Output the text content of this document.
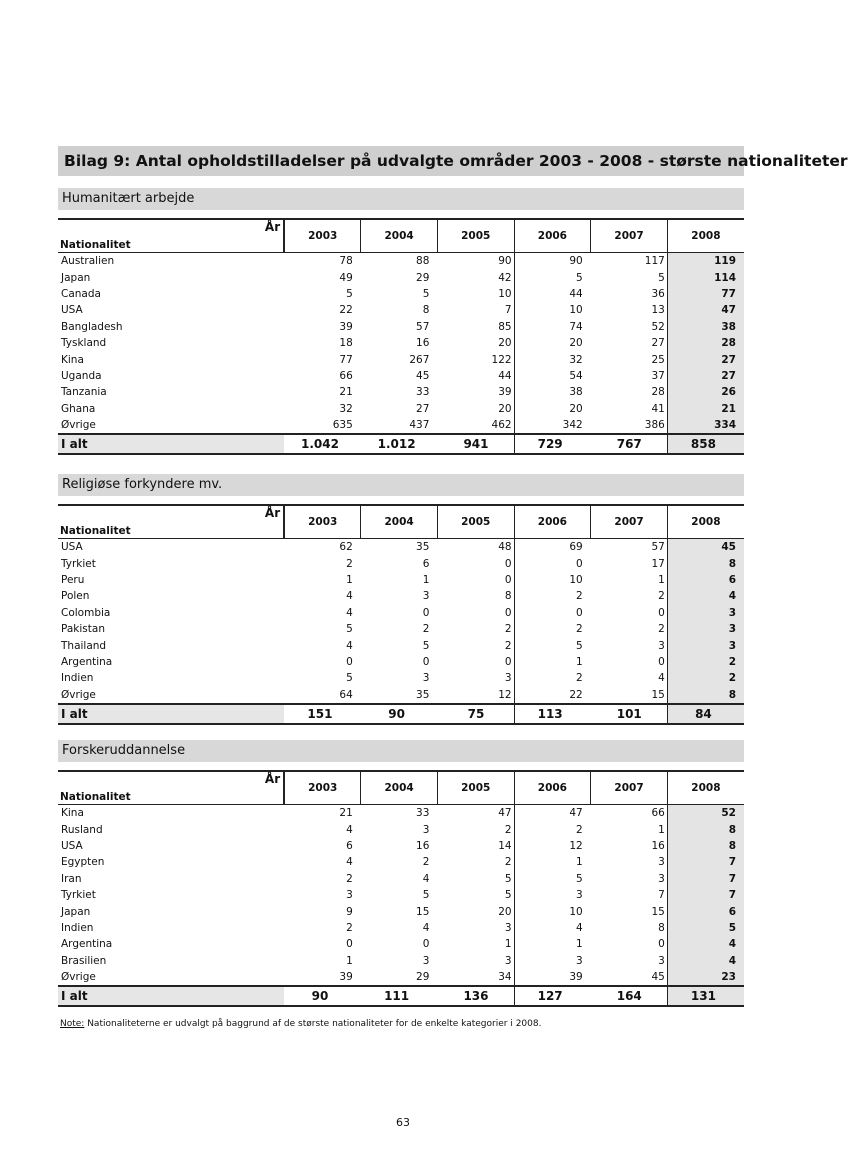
Bilag 9: Antal opholdstilladelser på udvalgte områder 2003 - 2008 - største nationaliteter
Humanitært arbejde
År
Nationalitet	2003	2004	2005	2006	2007	2008
Australien	78	88	90	90	117	119
Japan	49	29	42	5	5	114
Canada	5	5	10	44	36	77
USA	22	8	7	10	13	47
Bangladesh	39	57	85	74	52	38
Tyskland	18	16	20	20	27	28
Kina	77	267	122	32	25	27
Uganda	66	45	44	54	37	27
Tanzania	21	33	39	38	28	26
Ghana	32	27	20	20	41	21
Øvrige	635	437	462	342	386	334
I alt	1.042	1.012	941	729	767	858
Religiøse forkyndere mv.
År
Nationalitet	2003	2004	2005	2006	2007	2008
USA	62	35	48	69	57	45
Tyrkiet	2	6	0	0	17	8
Peru	1	1	0	10	1	6
Polen	4	3	8	2	2	4
Colombia	4	0	0	0	0	3
Pakistan	5	2	2	2	2	3
Thailand	4	5	2	5	3	3
Argentina	0	0	0	1	0	2
Indien	5	3	3	2	4	2
Øvrige	64	35	12	22	15	8
I alt	151	90	75	113	101	84
Forskeruddannelse
År
Nationalitet	2003	2004	2005	2006	2007	2008
Kina	21	33	47	47	66	52
Rusland	4	3	2	2	1	8
USA	6	16	14	12	16	8
Egypten	4	2	2	1	3	7
Iran	2	4	5	5	3	7
Tyrkiet	3	5	5	3	7	7
Japan	9	15	20	10	15	6
Indien	2	4	3	4	8	5
Argentina	0	0	1	1	0	4
Brasilien	1	3	3	3	3	4
Øvrige	39	29	34	39	45	23
I alt	90	111	136	127	164	131
Note: Nationaliteterne er udvalgt på baggrund af de største nationaliteter for de enkelte kategorier i 2008.
63
